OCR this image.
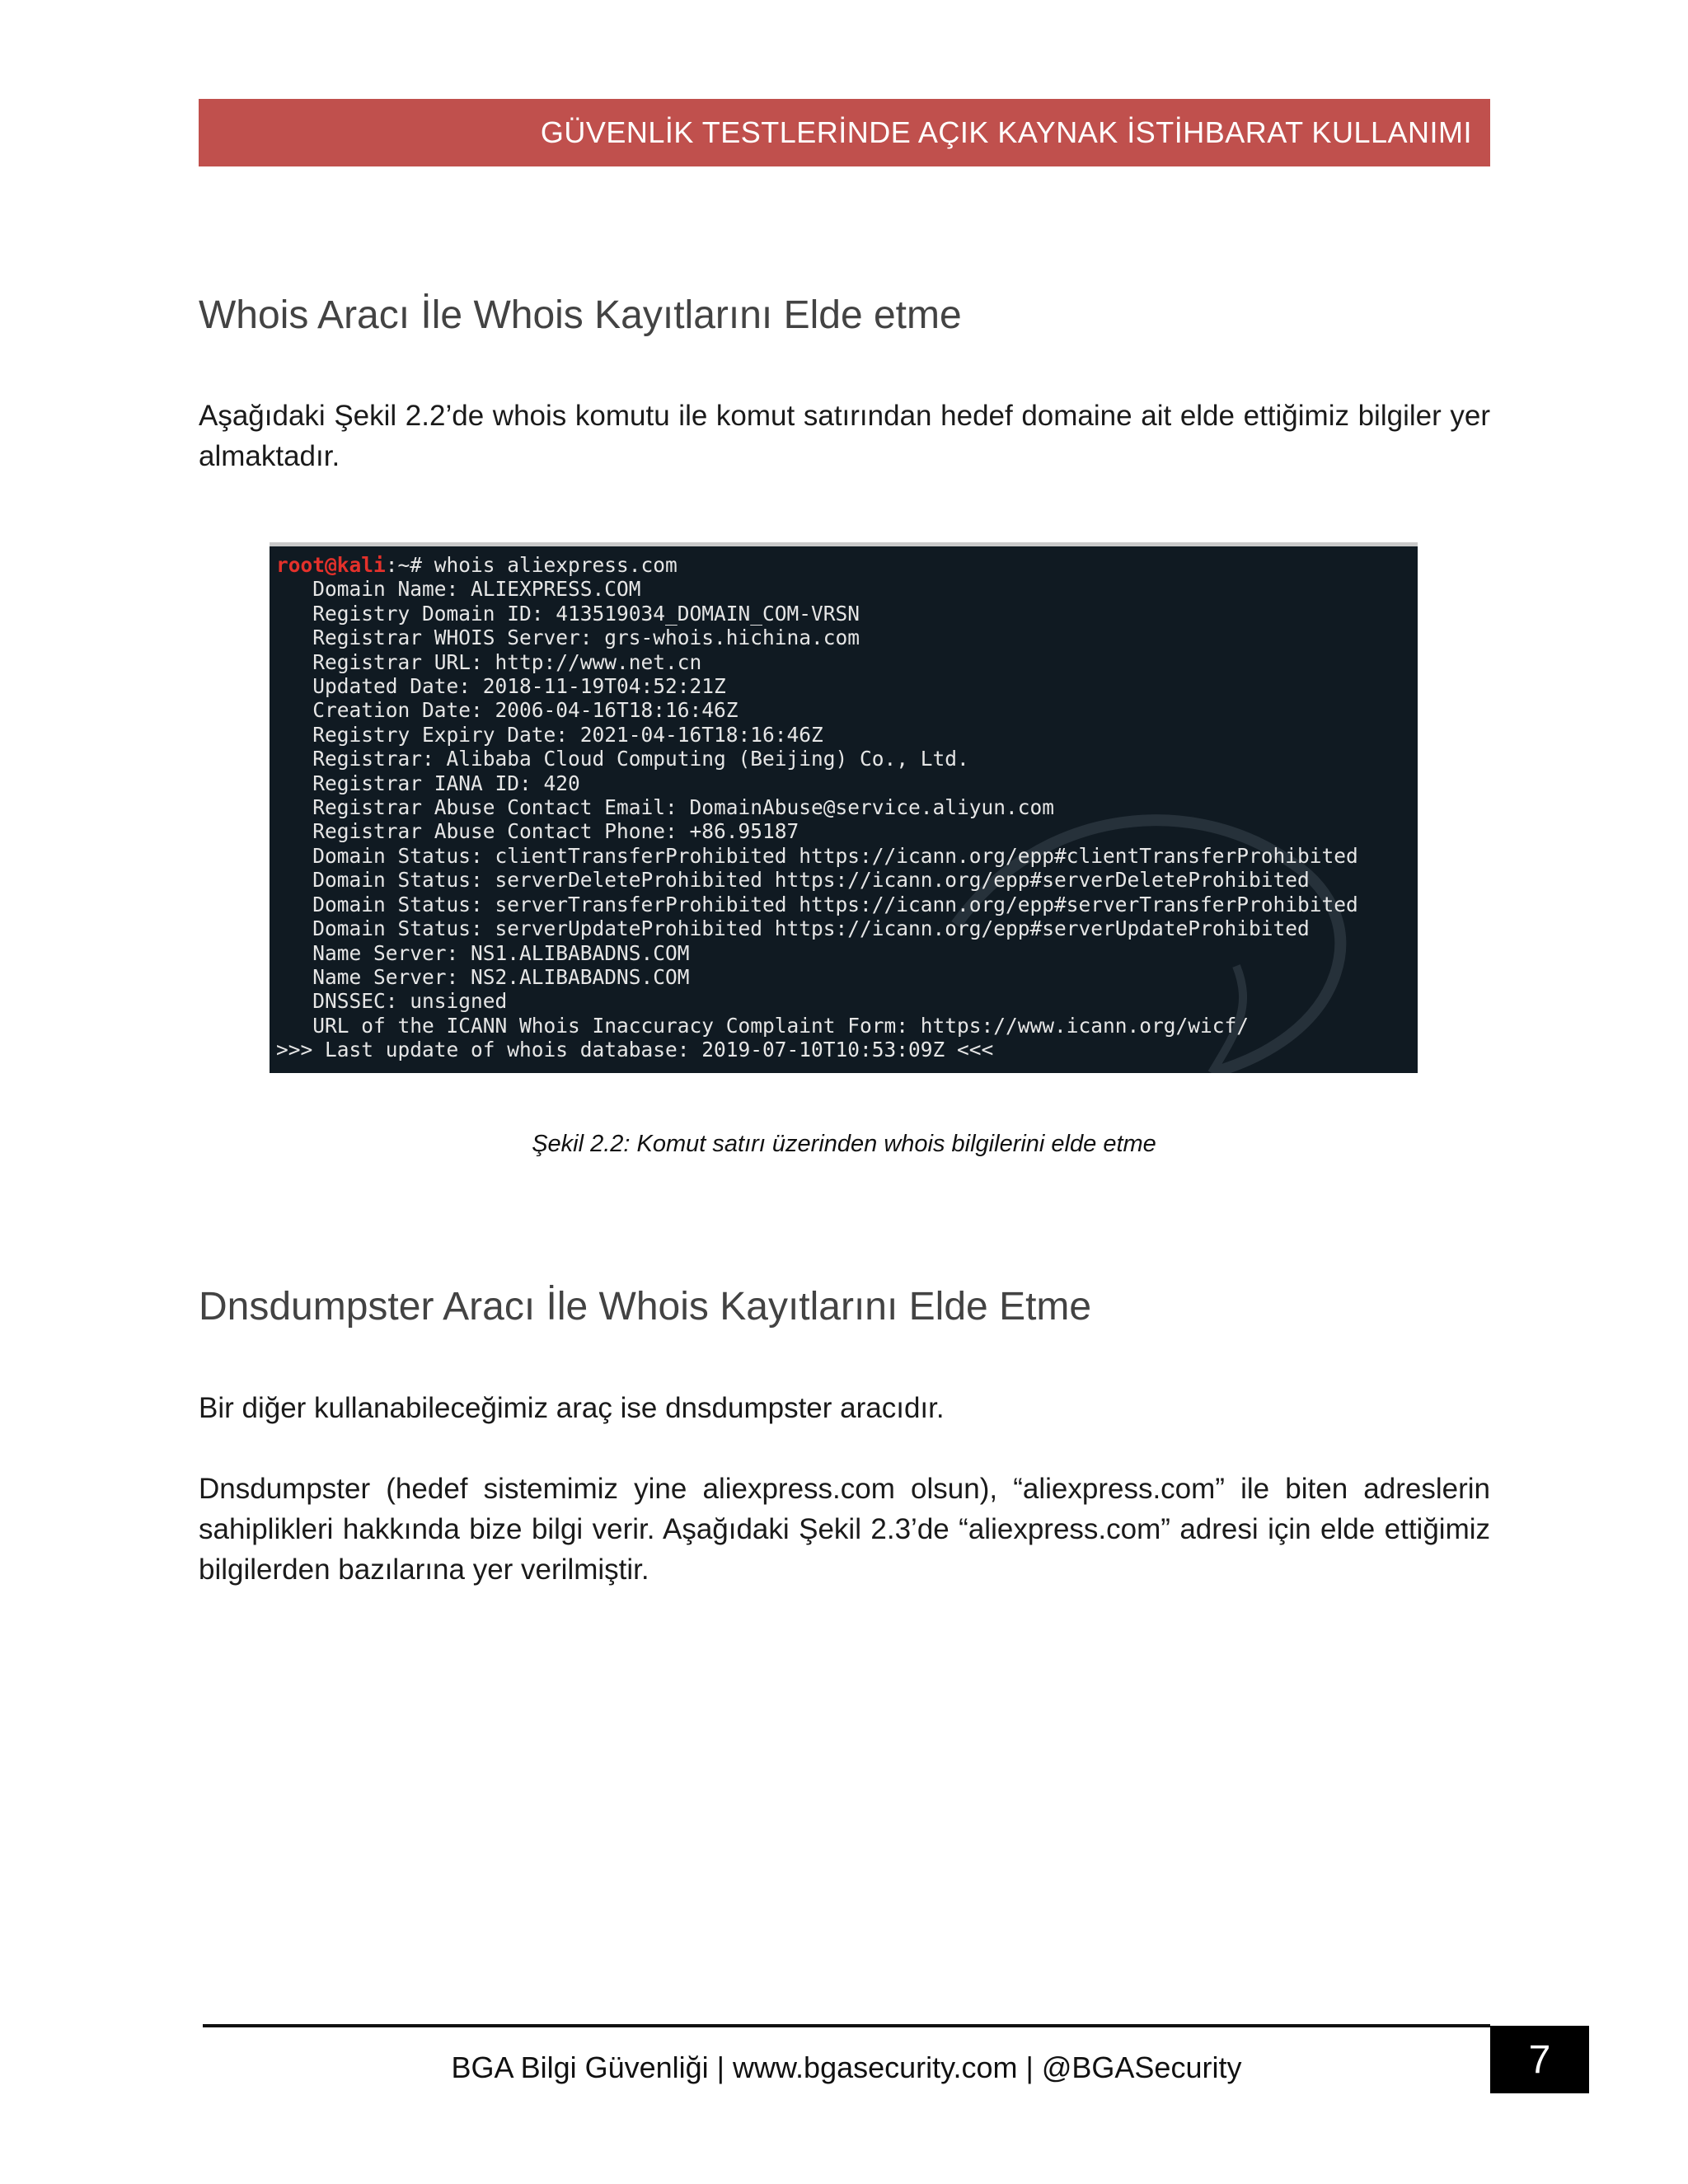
GÜVENLİK TESTLERİNDE AÇIK KAYNAK İSTİHBARAT KULLANIMI
Whois Aracı İle Whois Kayıtlarını Elde etme

Aşağıdaki Şekil 2.2’de whois komutu ile komut satırından hedef domaine ait elde ettiğimiz bilgiler yer almaktadır.

root@kali:~# whois aliexpress.com
Domain Name: ALIEXPRESS.COM
Registry Domain ID: 413519034_DOMAIN_COM-VRSN
Registrar WHOIS Server: grs-whois.hichina.com
Registrar URL: http://www.net.cn
Updated Date: 2018-11-19T04:52:21Z
Creation Date: 2006-04-16T18:16:46Z
Registry Expiry Date: 2021-04-16T18:16:46Z
Registrar: Alibaba Cloud Computing (Beijing) Co., Ltd.
Registrar IANA ID: 420
Registrar Abuse Contact Email: DomainAbuse@service.aliyun.com
Registrar Abuse Contact Phone: +86.95187
Domain Status: clientTransferProhibited https://icann.org/epp#clientTransferProhibited
Domain Status: serverDeleteProhibited https://icann.org/epp#serverDeleteProhibited
Domain Status: serverTransferProhibited https://icann.org/epp#serverTransferProhibited
Domain Status: serverUpdateProhibited https://icann.org/epp#serverUpdateProhibited
Name Server: NS1.ALIBABADNS.COM
Name Server: NS2.ALIBABADNS.COM
DNSSEC: unsigned
URL of the ICANN Whois Inaccuracy Complaint Form: https://www.icann.org/wicf/
>>> Last update of whois database: 2019-07-10T10:53:09Z <<<
Şekil 2.2: Komut satırı üzerinden whois bilgilerini elde etme
Dnsdumpster Aracı İle Whois Kayıtlarını Elde Etme

Bir diğer kullanabileceğimiz araç ise dnsdumpster aracıdır.

Dnsdumpster (hedef sistemimiz yine aliexpress.com olsun), “aliexpress.com” ile biten adreslerin sahiplikleri hakkında bize bilgi verir. Aşağıdaki Şekil 2.3’de “aliexpress.com” adresi için elde ettiğimiz bilgilerden bazılarına yer verilmiştir.

BGA Bilgi Güvenliği | www.bgasecurity.com | @BGASecurity	7
